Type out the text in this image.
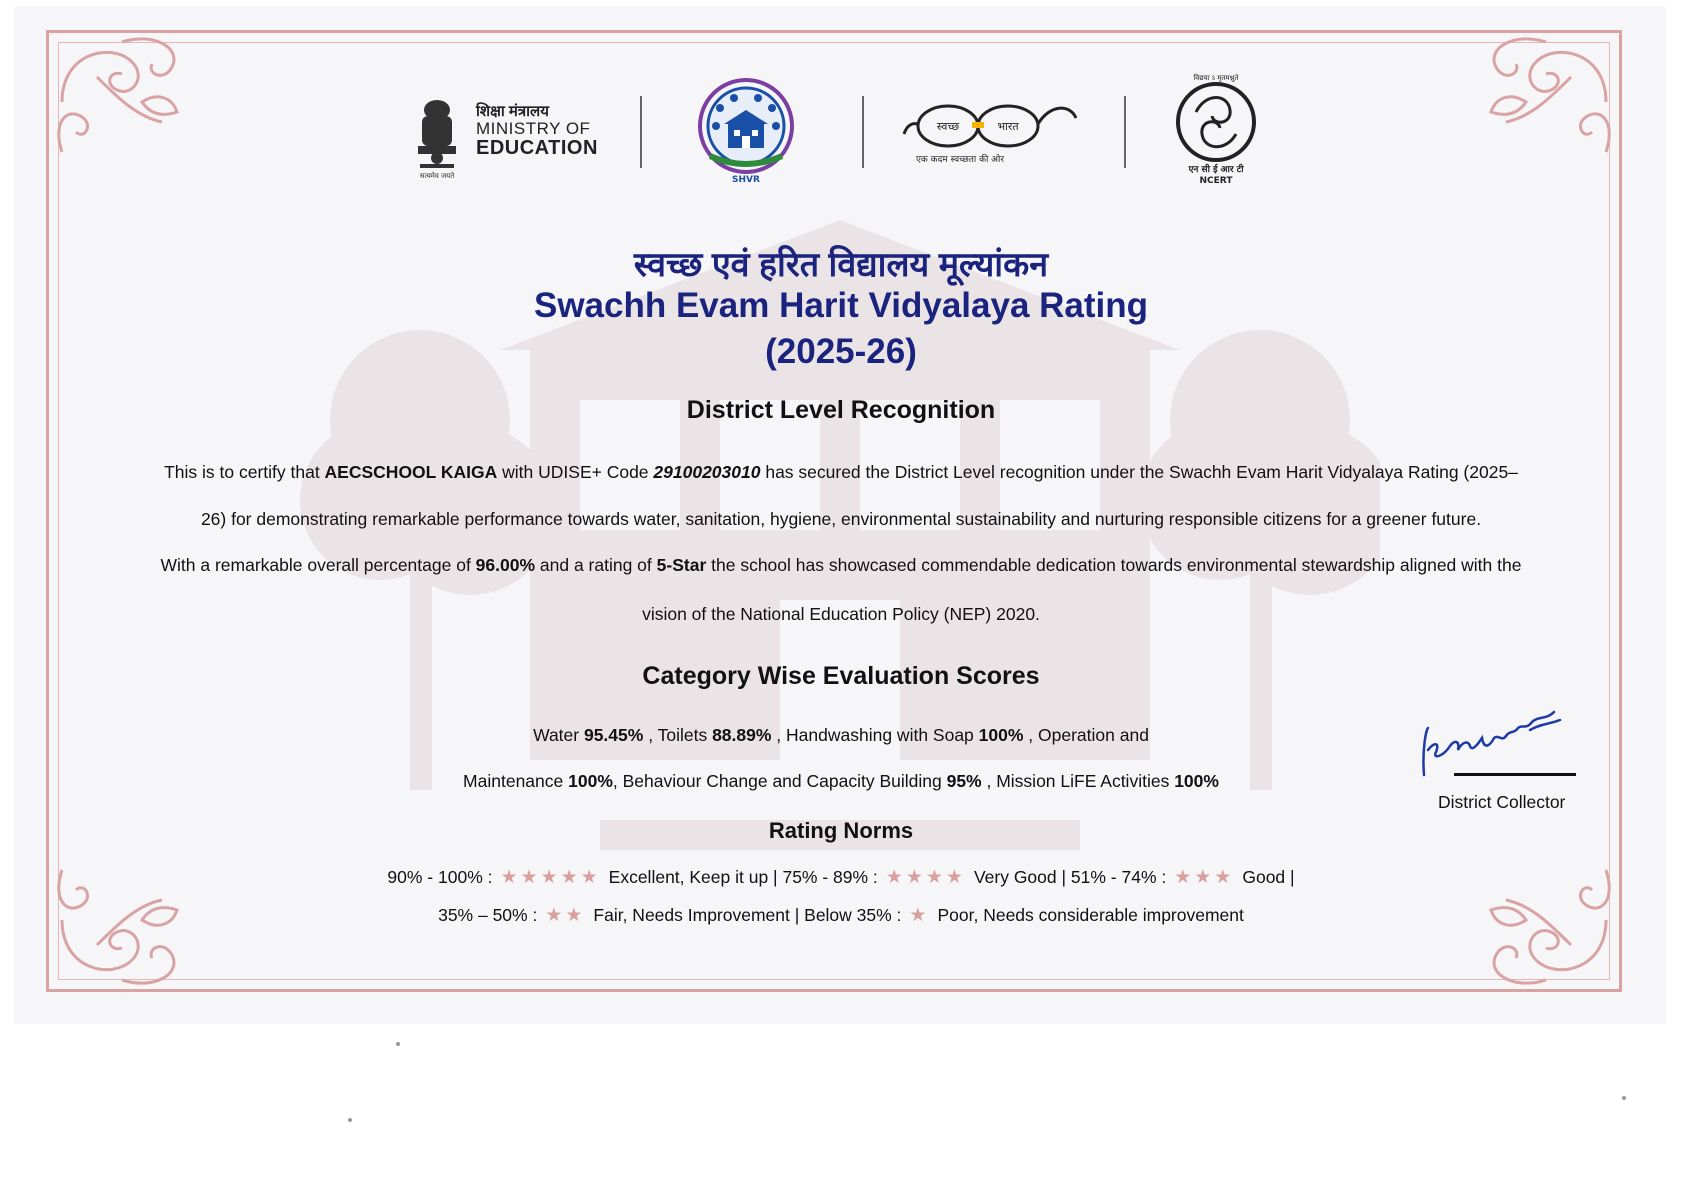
सत्यमेव जयते
शिक्षा मंत्रालय
MINISTRY OF
EDUCATION
SHVR
स्वच्छ	भारत
एक कदम स्वच्छता की ओर
विद्यया ऽ मृतमश्नुते
एन सी ई आर टी
NCERT
स्वच्छ एवं हरित विद्यालय मूल्यांकन
Swachh Evam Harit Vidyalaya Rating
(2025-26)
District Level Recognition
This is to certify that AECSCHOOL KAIGA with UDISE+ Code 29100203010 has secured the District Level recognition under the Swachh Evam Harit Vidyalaya Rating (2025–
26) for demonstrating remarkable performance towards water, sanitation, hygiene, environmental sustainability and nurturing responsible citizens for a greener future.
With a remarkable overall percentage of 96.00% and a rating of 5-Star the school has showcased commendable dedication towards environmental stewardship aligned with the
vision of the National Education Policy (NEP) 2020.
Category Wise Evaluation Scores
Water 95.45% , Toilets 88.89% , Handwashing with Soap 100% , Operation and
Maintenance 100%, Behaviour Change and Capacity Building 95% , Mission LiFE Activities 100%
Rating Norms
90% - 100% : ★★★★★ Excellent, Keep it up | 75% - 89% : ★★★★ Very Good | 51% - 74% : ★★★ Good |
35% – 50% : ★★ Fair, Needs Improvement | Below 35% : ★ Poor, Needs considerable improvement
District Collector
